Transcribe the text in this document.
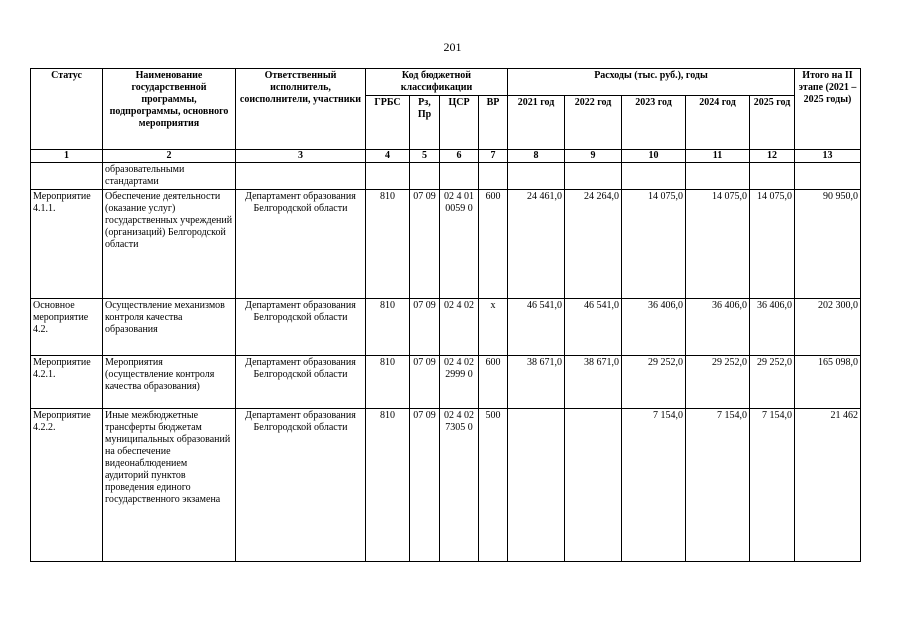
201
Статус	Наименование государственной программы, подпрограммы, основного мероприятия	Ответственный исполнитель, соисполнители, участники	Код бюджетной классификации				Расходы (тыс. руб.), годы					Итого на II этапе (2021 – 2025 годы)
			ГРБС	Рз, Пр	ЦСР	ВР	2021 год	2022 год	2023 год	2024 год	2025 год	
1	2	3	4	5	6	7	8	9	10	11	12	13
	образовательными стандартами											
Мероприятие 4.1.1.	Обеспечение деятельности (оказание услуг) государственных учреждений (организаций) Белгородской области	Департамент образования Белгородской области	810	07 09	02 4 01 0059 0	600	24 461,0	24 264,0	14 075,0	14 075,0	14 075,0	90 950,0
Основное мероприятие 4.2.	Осуществление механизмов контроля качества образования	Департамент образования Белгородской области	810	07 09	02 4 02	х	46 541,0	46 541,0	36 406,0	36 406,0	36 406,0	202 300,0
Мероприятие 4.2.1.	Мероприятия (осуществление контроля качества образования)	Департамент образования Белгородской области	810	07 09	02 4 02 2999 0	600	38 671,0	38 671,0	29 252,0	29 252,0	29 252,0	165 098,0
Мероприятие 4.2.2.	Иные межбюджетные трансферты бюджетам муниципальных образований на обеспечение видеонаблюдением аудиторий пунктов проведения единого государственного экзамена	Департамент образования Белгородской области	810	07 09	02 4 02 7305 0	500			7 154,0	7 154,0	7 154,0	21 462
